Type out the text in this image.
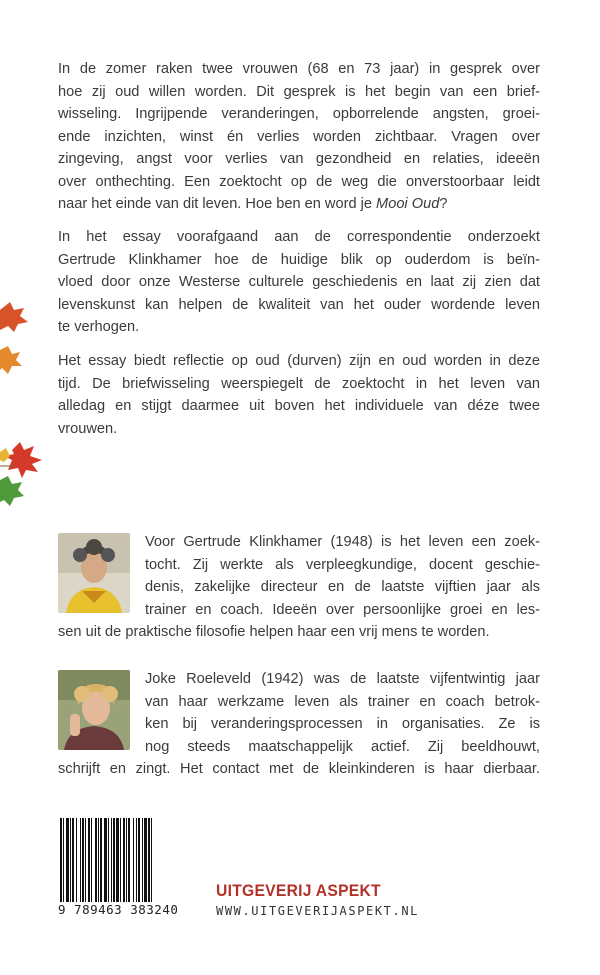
In de zomer raken twee vrouwen (68 en 73 jaar) in gesprek over
hoe zij oud willen worden. Dit gesprek is het begin van een brief-
wisseling. Ingrijpende veranderingen, opborrelende angsten, groei-
ende inzichten, winst én verlies worden zichtbaar. Vragen over
zingeving, angst voor verlies van gezondheid en relaties, ideeën
over onthechting. Een zoektocht op de weg die onverstoorbaar leidt
naar het einde van dit leven. Hoe ben en word je Mooi Oud?
In het essay voorafgaand aan de correspondentie onderzoekt
Gertrude Klinkhamer hoe de huidige blik op ouderdom is beïn-
vloed door onze Westerse culturele geschiedenis en laat zij zien dat
levenskunst kan helpen de kwaliteit van het ouder wordende leven
te verhogen.
Het essay biedt reflectie op oud (durven) zijn en oud worden in deze
tijd. De briefwisseling weerspiegelt de zoektocht in het leven van
alledag en stijgt daarmee uit boven het individuele van déze twee
vrouwen.
Voor Gertrude Klinkhamer (1948) is het leven een zoek-
tocht. Zij werkte als verpleegkundige, docent geschie-
denis, zakelijke directeur en de laatste vijftien jaar als
trainer en coach. Ideeën over persoonlijke groei en les-
sen uit de praktische filosofie helpen haar een vrij mens te worden.
Joke Roeleveld (1942) was de laatste vijfentwintig jaar
van haar werkzame leven als trainer en coach betrok-
ken bij veranderingsprocessen in organisaties. Ze is
nog steeds maatschappelijk actief. Zij beeldhouwt,
schrijft en zingt. Het contact met de kleinkinderen is haar dierbaar.
9 789463 383240
UITGEVERIJ ASPEKT
WWW.UITGEVERIJASPEKT.NL
